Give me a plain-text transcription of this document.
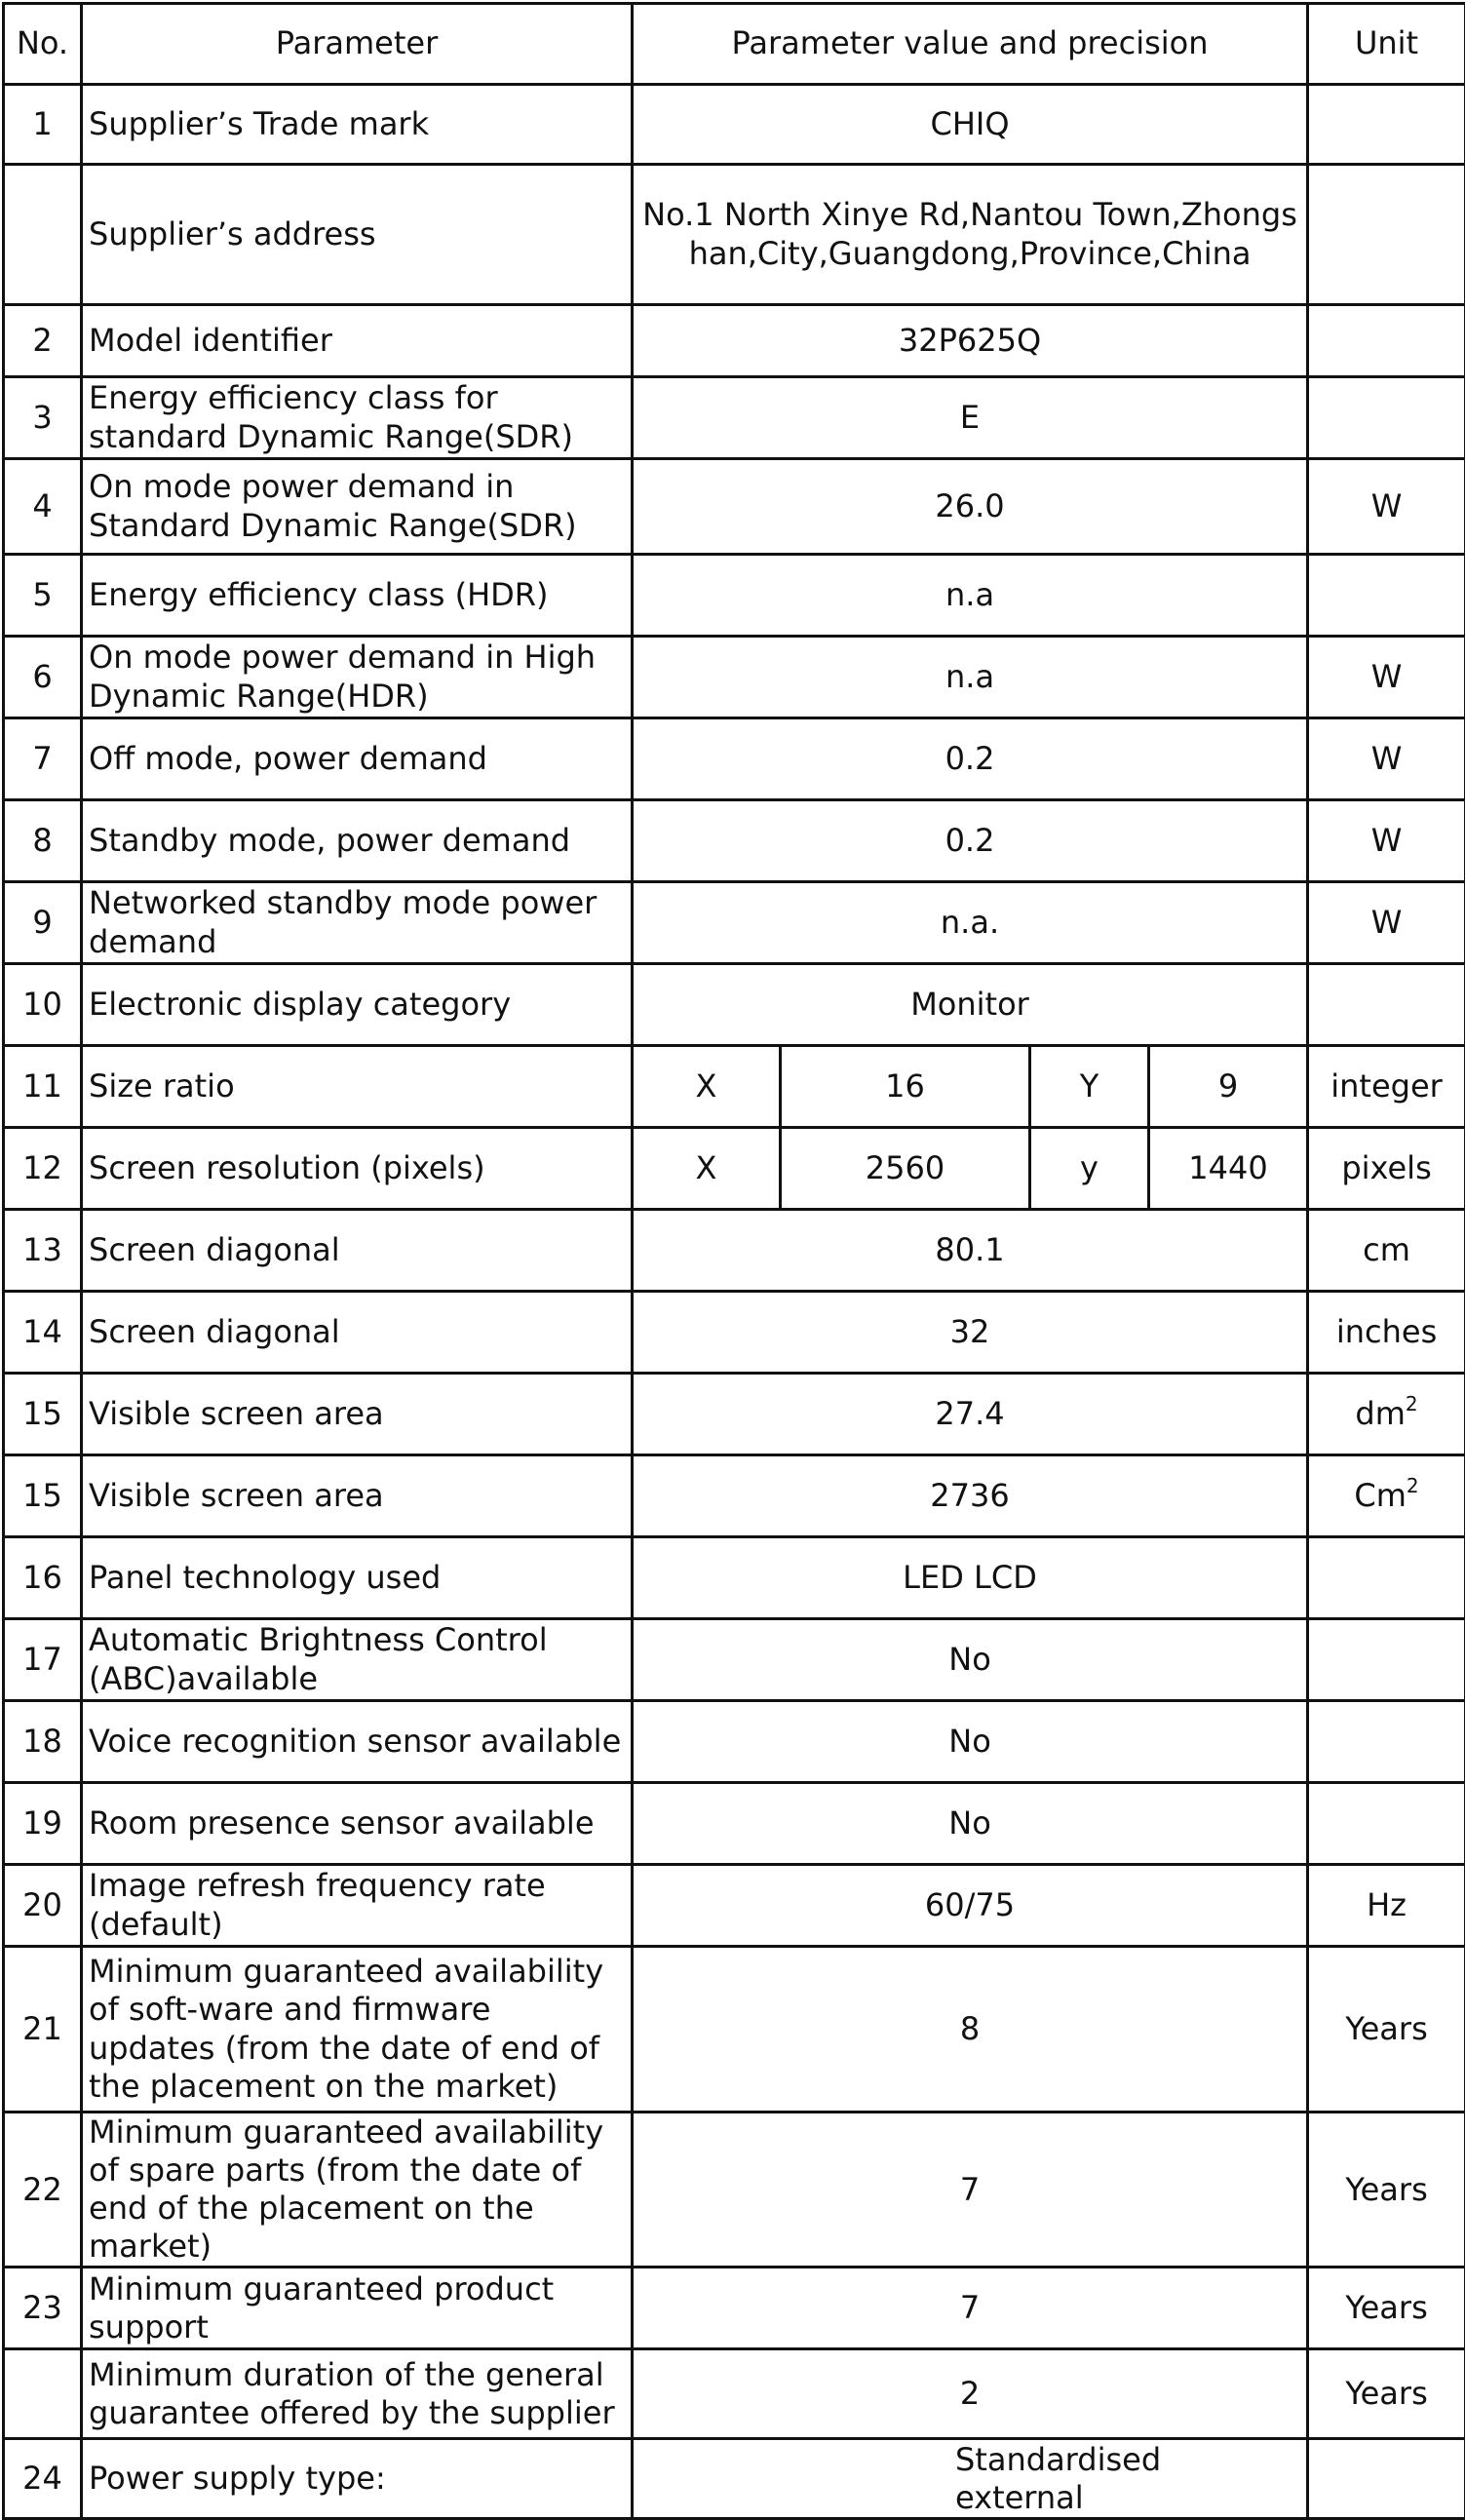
No.	Parameter	Parameter value and precision				Unit
1	Supplier’s Trade mark	CHIQ				
	Supplier’s address	No.1 North Xinye Rd,Nantou Town,Zhongshan,City,Guangdong,Province,China				
2	Model identifier	32P625Q				
3	Energy efficiency class for standard Dynamic Range(SDR)	E				
4	On mode power demand in Standard Dynamic Range(SDR)	26.0				W
5	Energy efficiency class (HDR)	n.a				
6	On mode power demand in High Dynamic Range(HDR)	n.a				W
7	Off mode, power demand	0.2				W
8	Standby mode, power demand	0.2				W
9	Networked standby mode power demand	n.a.				W
10	Electronic display category	Monitor				
11	Size ratio	X	16	Y	9	integer
12	Screen resolution (pixels)	X	2560	y	1440	pixels
13	Screen diagonal	80.1				cm
14	Screen diagonal	32				inches
15	Visible screen area	27.4				$dm^2$
15	Visible screen area	2736				Cm$^2$
16	Panel technology used	LED LCD				
17	Automatic Brightness Control (ABC)available	No				
18	Voice recognition sensor available	No				
19	Room presence sensor available	No				
20	Image refresh frequency rate (default)	60/75				Hz
21	Minimum guaranteed availability of soft-ware and firmware updates (from the date of end of the placement on the market)	8				Years
22	Minimum guaranteed availability of spare parts (from the date of end of the placement on the market)	7				Years
23	Minimum guaranteed product support	7				Years
	Minimum duration of the general guarantee offered by the supplier	2				Years
24	Power supply type:	Standardised external				
